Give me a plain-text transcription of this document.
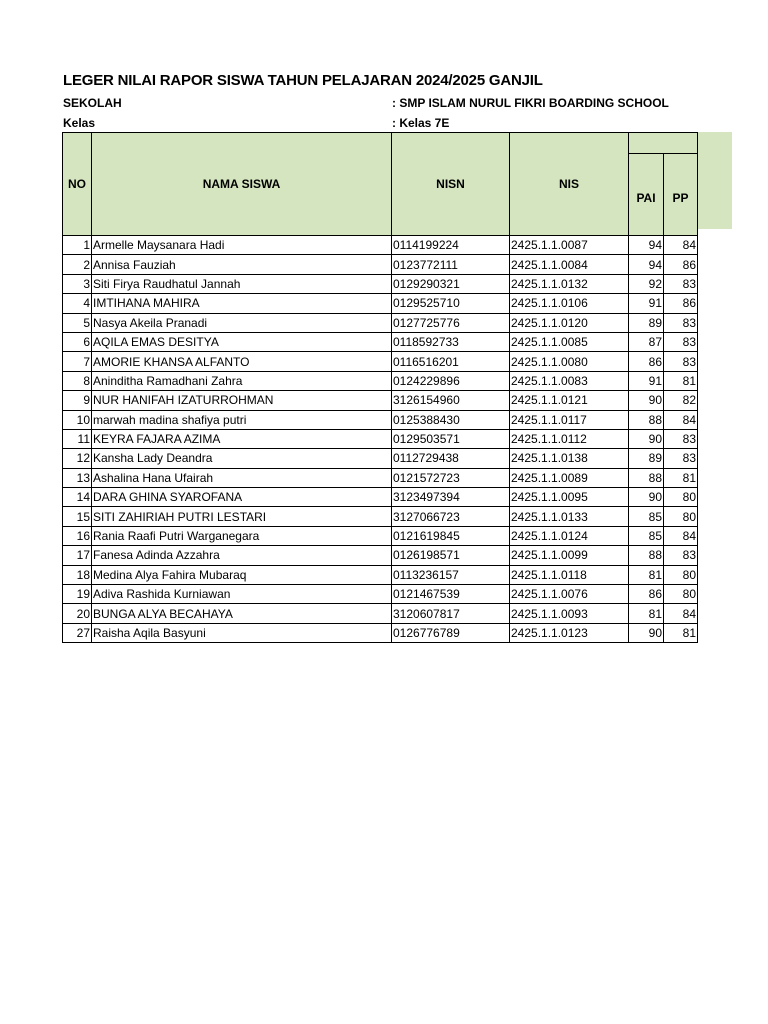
LEGER NILAI RAPOR SISWA TAHUN PELAJARAN 2024/2025 GANJIL
SEKOLAH	: SMP ISLAM NURUL FIKRI BOARDING SCHOOL
Kelas	: Kelas 7E
NO	NAMA SISWA	NISN	NIS		
				PAI	PP
1	Armelle Maysanara Hadi	0114199224	2425.1.1.0087	94	84
2	Annisa Fauziah	0123772111	2425.1.1.0084	94	86
3	Siti Firya Raudhatul Jannah	0129290321	2425.1.1.0132	92	83
4	IMTIHANA MAHIRA	0129525710	2425.1.1.0106	91	86
5	Nasya Akeila Pranadi	0127725776	2425.1.1.0120	89	83
6	AQILA EMAS DESITYA	0118592733	2425.1.1.0085	87	83
7	AMORIE KHANSA ALFANTO	0116516201	2425.1.1.0080	86	83
8	Aninditha Ramadhani Zahra	0124229896	2425.1.1.0083	91	81
9	NUR HANIFAH IZATURROHMAN	3126154960	2425.1.1.0121	90	82
10	marwah madina shafiya putri	0125388430	2425.1.1.0117	88	84
11	KEYRA FAJARA AZIMA	0129503571	2425.1.1.0112	90	83
12	Kansha Lady Deandra	0112729438	2425.1.1.0138	89	83
13	Ashalina Hana Ufairah	0121572723	2425.1.1.0089	88	81
14	DARA GHINA SYAROFANA	3123497394	2425.1.1.0095	90	80
15	SITI ZAHIRIAH PUTRI LESTARI	3127066723	2425.1.1.0133	85	80
16	Rania Raafi Putri Warganegara	0121619845	2425.1.1.0124	85	84
17	Fanesa Adinda Azzahra	0126198571	2425.1.1.0099	88	83
18	Medina Alya Fahira Mubaraq	0113236157	2425.1.1.0118	81	80
19	Adiva Rashida Kurniawan	0121467539	2425.1.1.0076	86	80
20	BUNGA ALYA BECAHAYA	3120607817	2425.1.1.0093	81	84
27	Raisha Aqila Basyuni	0126776789	2425.1.1.0123	90	81
